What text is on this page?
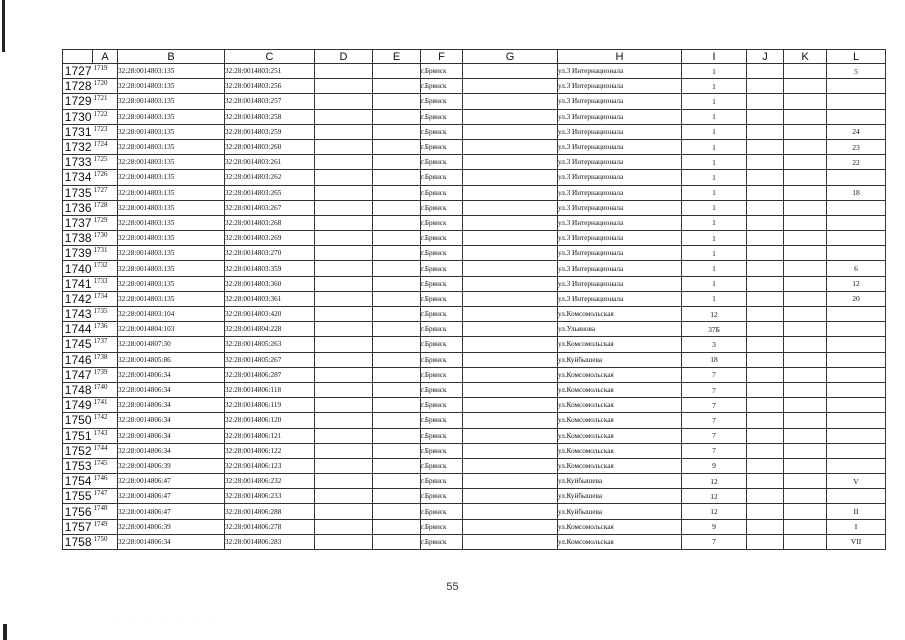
	A	B	C	D	E	F	G	H	I	J	K	L
1727	1719	32:28:0014803:135	32:28:0014803:251			г.Брянск		ул.3 Интернационала	1			5
1728	1720	32:28:0014803:135	32:28:0014803:256			г.Брянск		ул.3 Интернационала	1			
1729	1721	32:28:0014803:135	32:28:0014803:257			г.Брянск		ул.3 Интернационала	1			
1730	1722	32:28:0014803:135	32:28:0014803:258			г.Брянск		ул.3 Интернационала	1			
1731	1723	32:28:0014803:135	32:28:0014803:259			г.Брянск		ул.3 Интернационала	1			24
1732	1724	32:28:0014803:135	32:28:0014803:260			г.Брянск		ул.3 Интернационала	1			23
1733	1725	32:28:0014803:135	32:28:0014803:261			г.Брянск		ул.3 Интернационала	1			22
1734	1726	32:28:0014803:135	32:28:0014803:262			г.Брянск		ул.3 Интернационала	1			
1735	1727	32:28:0014803:135	32:28:0014803:265			г.Брянск		ул.3 Интернационала	1			18
1736	1728	32:28:0014803:135	32:28:0014803:267			г.Брянск		ул.3 Интернационала	1			
1737	1729	32:28:0014803:135	32:28:0014803:268			г.Брянск		ул.3 Интернационала	1			
1738	1730	32:28:0014803:135	32:28:0014803:269			г.Брянск		ул.3 Интернационала	1			
1739	1731	32:28:0014803:135	32:28:0014803:270			г.Брянск		ул.3 Интернационала	1			
1740	1732	32:28:0014803:135	32:28:0014803:359			г.Брянск		ул.3 Интернационала	1			6
1741	1733	32:28:0014803:135	32:28:0014803:360			г.Брянск		ул.3 Интернационала	1			12
1742	1734	32:28:0014803:135	32:28:0014803:361			г.Брянск		ул.3 Интернационала	1			20
1743	1735	32:28:0014803:104	32:28:0014803:420			г.Брянск		ул.Комсомольская	12			
1744	1736	32:28:0014804:103	32:28:0014804:228			г.Брянск		ул.Ульянова	37Б			
1745	1737	32:28:0014807:30	32:28:0014805:263			г.Брянск		ул.Комсомольская	3			
1746	1738	32:28:0014805:86	32:28:0014805:267			г.Брянск		ул.Куйбышева	18			
1747	1739	32:28:0014806:34	32:28:0014806:287			г.Брянск		ул.Комсомольская	7			
1748	1740	32:28:0014806:34	32:28:0014806:118			г.Брянск		ул.Комсомольская	7			
1749	1741	32:28:0014806:34	32:28:0014806:119			г.Брянск		ул.Комсомольская	7			
1750	1742	32:28:0014806:34	32:28:0014806:120			г.Брянск		ул.Комсомольская	7			
1751	1743	32:28:0014806:34	32:28:0014806:121			г.Брянск		ул.Комсомольская	7			
1752	1744	32:28:0014806:34	32:28:0014806:122			г.Брянск		ул.Комсомольская	7			
1753	1745	32:28:0014806:39	32:28:0014806:123			г.Брянск		ул.Комсомольская	9			
1754	1746	32:28:0014806:47	32:28:0014806:232			г.Брянск		ул.Куйбышева	12			V
1755	1747	32:28:0014806:47	32:28:0014806:233			г.Брянск		ул.Куйбышева	12			
1756	1748	32:28:0014806:47	32:28:0014806:288			г.Брянск		ул.Куйбышева	12			II
1757	1749	32:28:0014806:39	32:28:0014806:278			г.Брянск		ул.Комсомольская	9			I
1758	1750	32:28:0014806:34	32:28:0014806:283			г.Брянск		ул.Комсомольская	7			VII
55
· · · · · · ·
